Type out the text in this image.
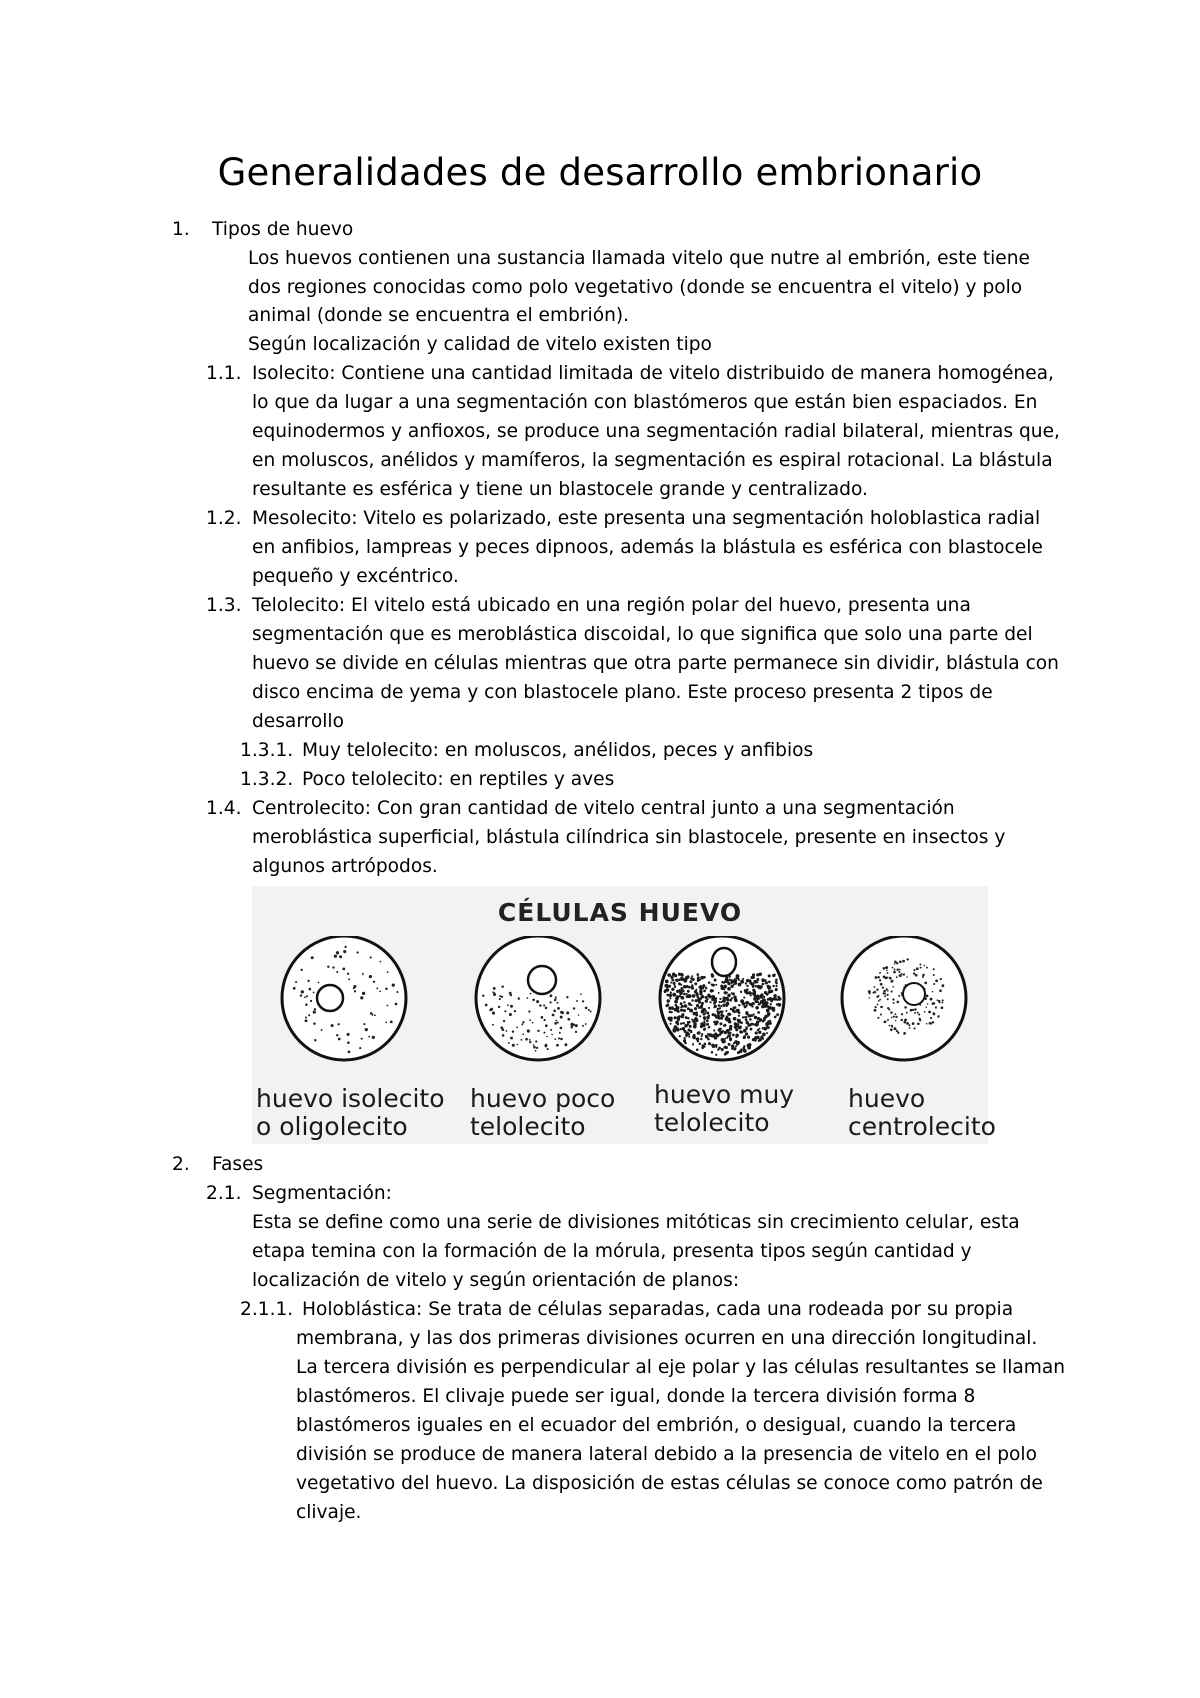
Generalidades de desarrollo embrionario
1. Tipos de huevo
Los huevos contienen una sustancia llamada vitelo que nutre al embrión, este tiene
dos regiones conocidas como polo vegetativo (donde se encuentra el vitelo) y polo
animal (donde se encuentra el embrión).
Según localización y calidad de vitelo existen tipo
1.1. Isolecito: Contiene una cantidad limitada de vitelo distribuido de manera homogénea,
lo que da lugar a una segmentación con blastómeros que están bien espaciados. En
equinodermos y anfioxos, se produce una segmentación radial bilateral, mientras que,
en moluscos, anélidos y mamíferos, la segmentación es espiral rotacional. La blástula
resultante es esférica y tiene un blastocele grande y centralizado.
1.2. Mesolecito: Vitelo es polarizado, este presenta una segmentación holoblastica radial
en anfibios, lampreas y peces dipnoos, además la blástula es esférica con blastocele
pequeño y excéntrico.
1.3. Telolecito: El vitelo está ubicado en una región polar del huevo, presenta una
segmentación que es meroblástica discoidal, lo que significa que solo una parte del
huevo se divide en células mientras que otra parte permanece sin dividir, blástula con
disco encima de yema y con blastocele plano. Este proceso presenta 2 tipos de
desarrollo
1.3.1. Muy telolecito: en moluscos, anélidos, peces y anfibios
1.3.2. Poco telolecito: en reptiles y aves
1.4. Centrolecito: Con gran cantidad de vitelo central junto a una segmentación
meroblástica superficial, blástula cilíndrica sin blastocele, presente en insectos y
algunos artrópodos.
CÉLULAS HUEVO
huevo isolecito
o oligolecito
huevo poco
telolecito
huevo muy
telolecito
huevo
centrolecito
2. Fases
2.1. Segmentación:
Esta se define como una serie de divisiones mitóticas sin crecimiento celular, esta
etapa temina con la formación de la mórula, presenta tipos según cantidad y
localización de vitelo y según orientación de planos:
2.1.1. Holoblástica: Se trata de células separadas, cada una rodeada por su propia
membrana, y las dos primeras divisiones ocurren en una dirección longitudinal.
La tercera división es perpendicular al eje polar y las células resultantes se llaman
blastómeros. El clivaje puede ser igual, donde la tercera división forma 8
blastómeros iguales en el ecuador del embrión, o desigual, cuando la tercera
división se produce de manera lateral debido a la presencia de vitelo en el polo
vegetativo del huevo. La disposición de estas células se conoce como patrón de
clivaje.
